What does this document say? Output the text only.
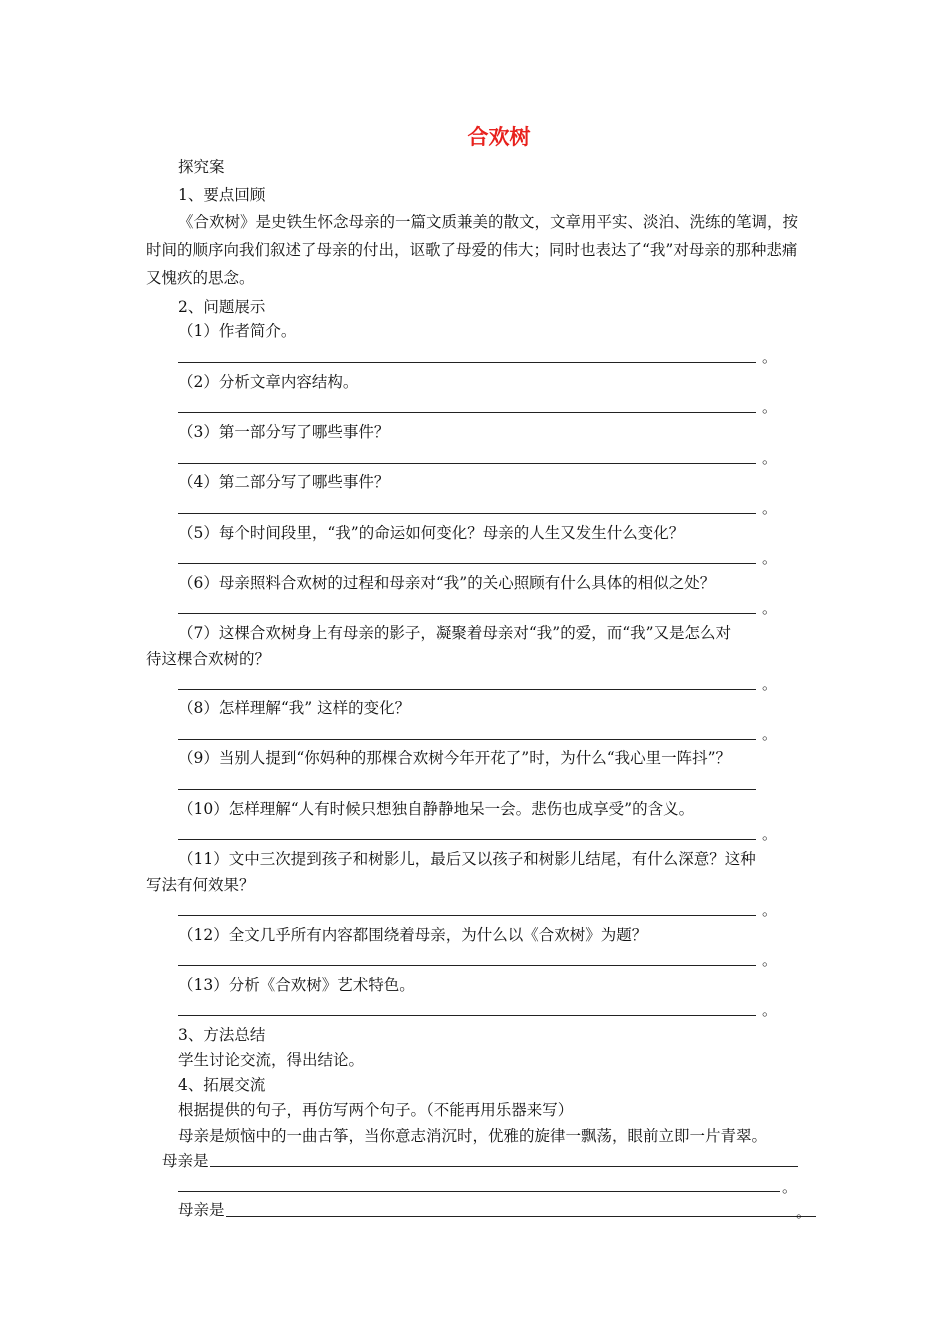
合欢树
探究案
1、要点回顾
《合欢树》是史铁生怀念母亲的一篇文质兼美的散文，文章用平实、淡泊、洗练的笔调，按时间的顺序向我们叙述了母亲的付出，讴歌了母爱的伟大；同时也表达了“我”对母亲的那种悲痛又愧疚的思念。
2、问题展示
（1）作者简介。
。
（2）分析文章内容结构。
。
（3）第一部分写了哪些事件？
。
（4）第二部分写了哪些事件？
。
（5）每个时间段里，“我”的命运如何变化？母亲的人生又发生什么变化？
。
（6）母亲照料合欢树的过程和母亲对“我”的关心照顾有什么具体的相似之处？
。
（7）这棵合欢树身上有母亲的影子，凝聚着母亲对“我”的爱，而“我”又是怎么对
待这棵合欢树的？
。
（8）怎样理解“我” 这样的变化？
。
（9）当别人提到“你妈种的那棵合欢树今年开花了”时，为什么“我心里一阵抖”？
（10）怎样理解“人有时候只想独自静静地呆一会。悲伤也成享受”的含义。
。
（11）文中三次提到孩子和树影儿，最后又以孩子和树影儿结尾，有什么深意？这种
写法有何效果？
。
（12）全文几乎所有内容都围绕着母亲，为什么以《合欢树》为题？
。
（13）分析《合欢树》艺术特色。
。
3、方法总结
学生讨论交流，得出结论。
4、拓展交流
根据提供的句子，再仿写两个句子。（不能再用乐器来写）
母亲是烦恼中的一曲古筝，当你意志消沉时，优雅的旋律一飘荡，眼前立即一片青翠。
母亲是
。
母亲是	。
